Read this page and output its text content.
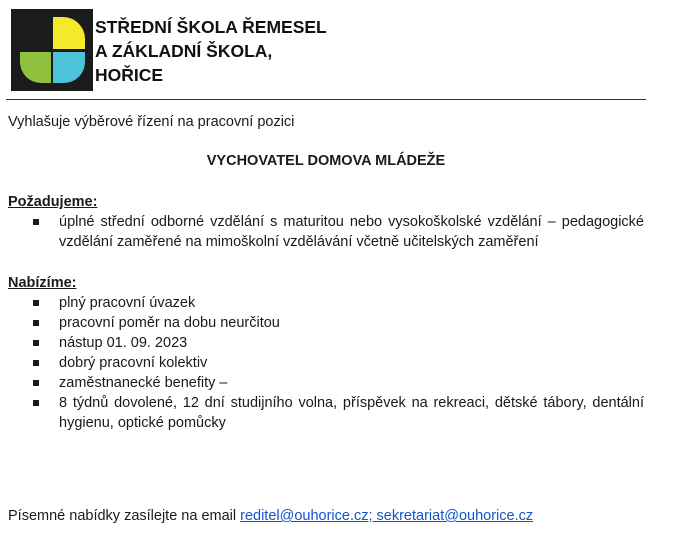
STŘEDNÍ ŠKOLA ŘEMESEL
A ZÁKLADNÍ ŠKOLA,
HOŘICE

Vyhlašuje výběrové řízení na pracovní pozici

VYCHOVATEL DOMOVA MLÁDEŽE
Požadujeme:
úplné střední odborné vzdělání s maturitou nebo vysokoškolské vzdělání – pedagogické vzdělání zaměřené na mimoškolní vzdělávání včetně učitelských zaměření
Nabízíme:
plný pracovní úvazek
pracovní poměr na dobu neurčitou
nástup 01. 09. 2023
dobrý pracovní kolektiv
zaměstnanecké benefity –
8 týdnů dovolené, 12 dní studijního volna, příspěvek na rekreaci, dětské tábory, dentální hygienu, optické pomůcky
Písemné nabídky zasílejte na email reditel@ouhorice.cz; sekretariat@ouhorice.cz
